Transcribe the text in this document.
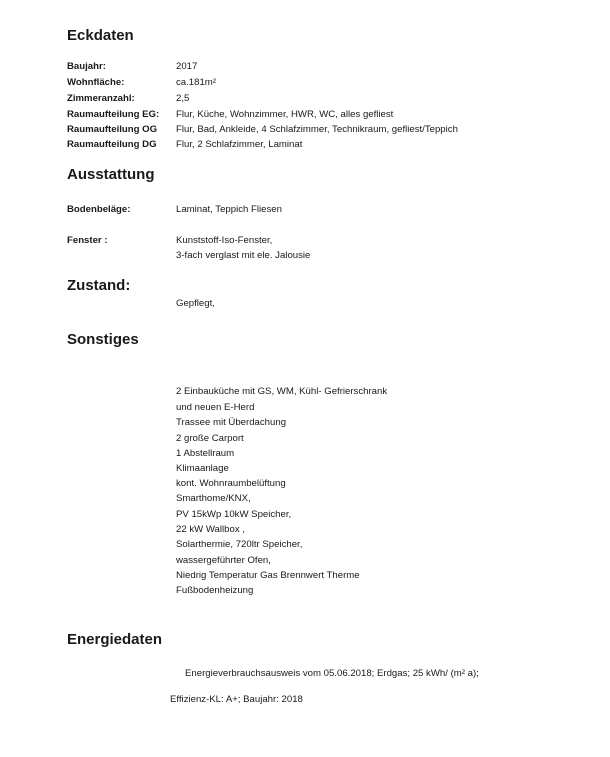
Eckdaten
Baujahr:	2017
Wohnfläche:	ca.181m²
Zimmeranzahl:	2,5
Raumaufteilung EG: Flur, Küche, Wohnzimmer, HWR, WC, alles gefliest
Raumaufteilung OG Flur, Bad, Ankleide, 4 Schlafzimmer, Technikraum, gefliest/Teppich
Raumaufteilung DG Flur, 2 Schlafzimmer, Laminat
Ausstattung
Bodenbeläge:	Laminat, Teppich Fliesen
Fenster :	Kunststoff-Iso-Fenster,
3-fach verglast mit ele. Jalousie
Zustand:
Gepflegt,
Sonstiges
2 Einbauküche mit GS, WM, Kühl- Gefrierschrank
und neuen E-Herd
Trassee mit Überdachung
2 große Carport
1 Abstellraum
Klimaanlage
kont. Wohnraumbelüftung
Smarthome/KNX,
PV 15kWp 10kW Speicher,
22 kW Wallbox ,
Solarthermie, 720ltr Speicher,
wassergeführter Ofen,
Niedrig Temperatur Gas Brennwert Therme
Fußbodenheizung
Energiedaten
Energieverbrauchsausweis vom 05.06.2018; Erdgas; 25 kWh/ (m² a);
Effizienz-KL: A+; Baujahr: 2018
